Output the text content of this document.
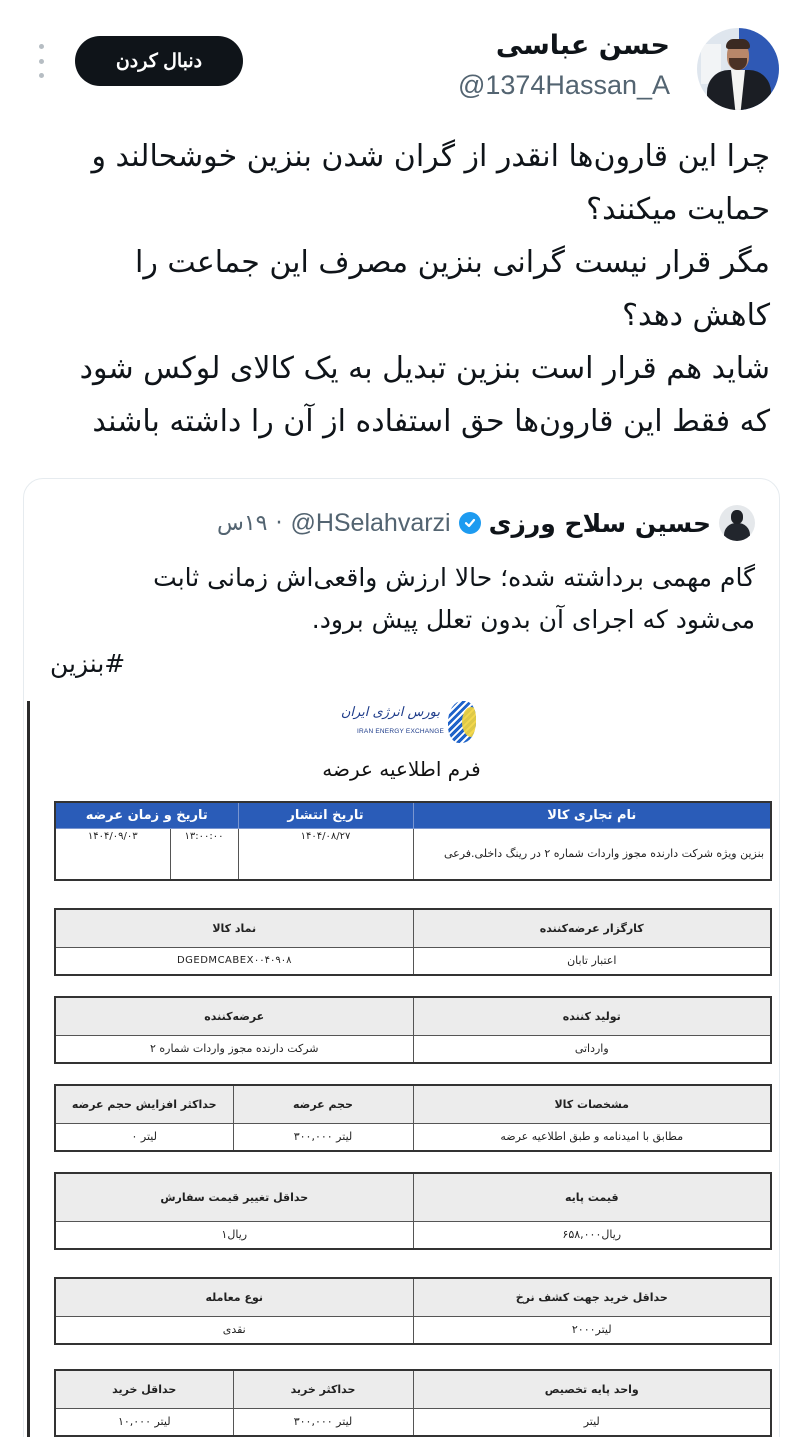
حسن عباسی
@1374Hassan_A
دنبال کردن

چرا این قارون‌ها انقدر از گران شدن بنزین خوشحالند و

حمایت میکنند؟

مگر قرار نیست گرانی بنزین مصرف این جماعت را

کاهش دهد؟

شاید هم قرار است بنزین تبدیل به یک کالای لوکس شود

که فقط این قارون‌ها حق استفاده از آن را داشته باشند

حسین سلاح ورزی
@HSelahvarzi
·
۱۹س

گام مهمی برداشته شده؛ حالا ارزش واقعی‌اش زمانی ثابت

می‌شود که اجرای آن بدون تعلل پیش برود.

#بنزین
بورس انرژی ایران
IRAN ENERGY EXCHANGE
فرم اطلاعیه عرضه
نام تجاری کالا	تاریخ انتشار	تاریخ و زمان عرضه	
بنزین ویژه شرکت دارنده مجوز واردات شماره ۲ در رینگ داخلی.فرعی	۱۴۰۴/۰۸/۲۷	۱۳:۰۰:۰۰	۱۴۰۴/۰۹/۰۳
کارگزار عرضه‌کننده	نماد کالا
اعتبار تابان	DGEDMCABEX۰۰۴۰۹۰۸
تولید کننده	عرضه‌کننده
وارداتی	شرکت دارنده مجوز واردات شماره ۲
مشخصات کالا	حجم عرضه	حداکثر افزایش حجم عرضه
مطابق با امیدنامه و طبق اطلاعیه عرضه	لیتر ۳۰۰,۰۰۰	لیتر ۰
قیمت پایه	حداقل تغییر قیمت سفارش
ریال۶۵۸,۰۰۰	ریال۱
حداقل خرید جهت کشف نرخ	نوع معامله
لیتر۲۰۰۰	نقدی
واحد پایه تخصیص	حداکثر خرید	حداقل خرید
لیتر	لیتر ۳۰۰,۰۰۰	لیتر ۱۰,۰۰۰
